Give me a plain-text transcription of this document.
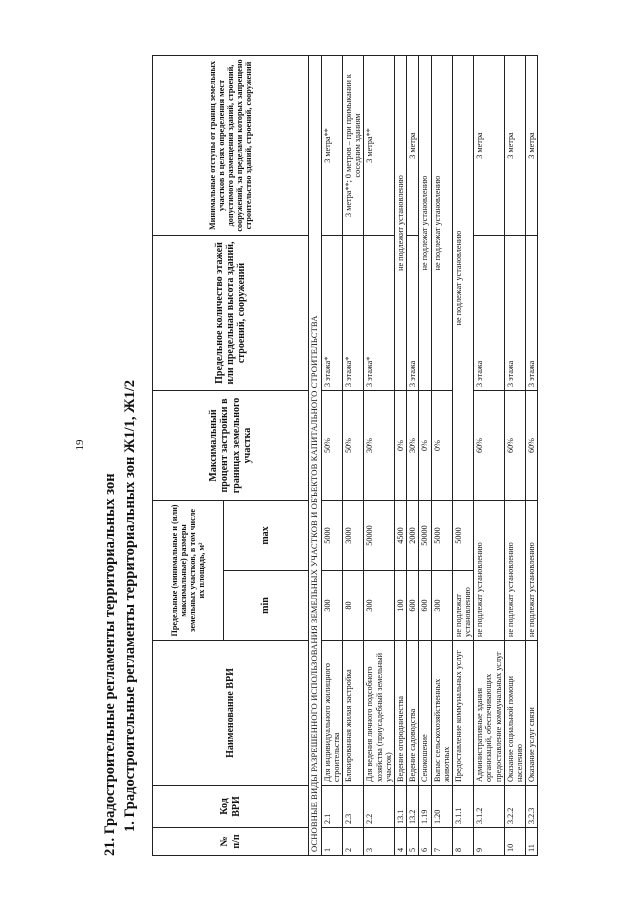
19
21. Градостроительные регламенты территориальных зон 1. Градостроительные регламенты территориальных зон Ж1/1, Ж1/2
№ п/п	Код ВРИ	Наименование ВРИ	Предельные (минимальные и (или) максимальные) размеры земельных участков, в том числе их площадь, м²		Максимальный процент застройки в границах земельного участка	Предельное количество этажей или предельная высота зданий, строений, сооружений	Минимальные отступы от границ земельных участков в целях определения мест допустимого размещения зданий, строений, сооружений, за пределами которых запрещено строительство зданий, строений, сооружений
			min	max			
ОСНОВНЫЕ ВИДЫ РАЗРЕШЕННОГО ИСПОЛЬЗОВАНИЯ ЗЕМЕЛЬНЫХ УЧАСТКОВ И ОБЪЕКТОВ КАПИТАЛЬНОГО СТРОИТЕЛЬСТВА							
1	2.1	Для индивидуального жилищного строительства	300	5000	50%	3 этажа*	3 метра**
2	2.3	Блокированная жилая застройка	80	3000	50%	3 этажа*	3 метра**; 0 метров – при примыкании к соседним зданиям
3	2.2	Для ведения личного подсобного хозяйства (приусадебный земельный участок)	300	50000	30%	3 этажа*	3 метра**
4	13.1	Ведение огородничества	100	4500	0%	не подлежит установлению	
5	13.2	Ведение садоводства	600	2000	30%	3 этажа	3 метра
6	1.19	Сенокошение	600	50000	0%	не подлежат установлению	
7	1.20	Выпас сельскохозяйственных животных	300	5000	0%	не подлежат установлению	
8	3.1.1	Предоставление коммунальных услуг	не подлежат установлению	5000	не подлежат установлению		
9	3.1.2	Административные здания организаций, обеспечивающих предоставление коммунальных услуг	не подлежат установлению		60%	3 этажа	3 метра
10	3.2.2	Оказание социальной помощи населению	не подлежат установлению		60%	3 этажа	3 метра
11	3.2.3	Оказание услуг связи	не подлежат установлению		60%	3 этажа	3 метра
